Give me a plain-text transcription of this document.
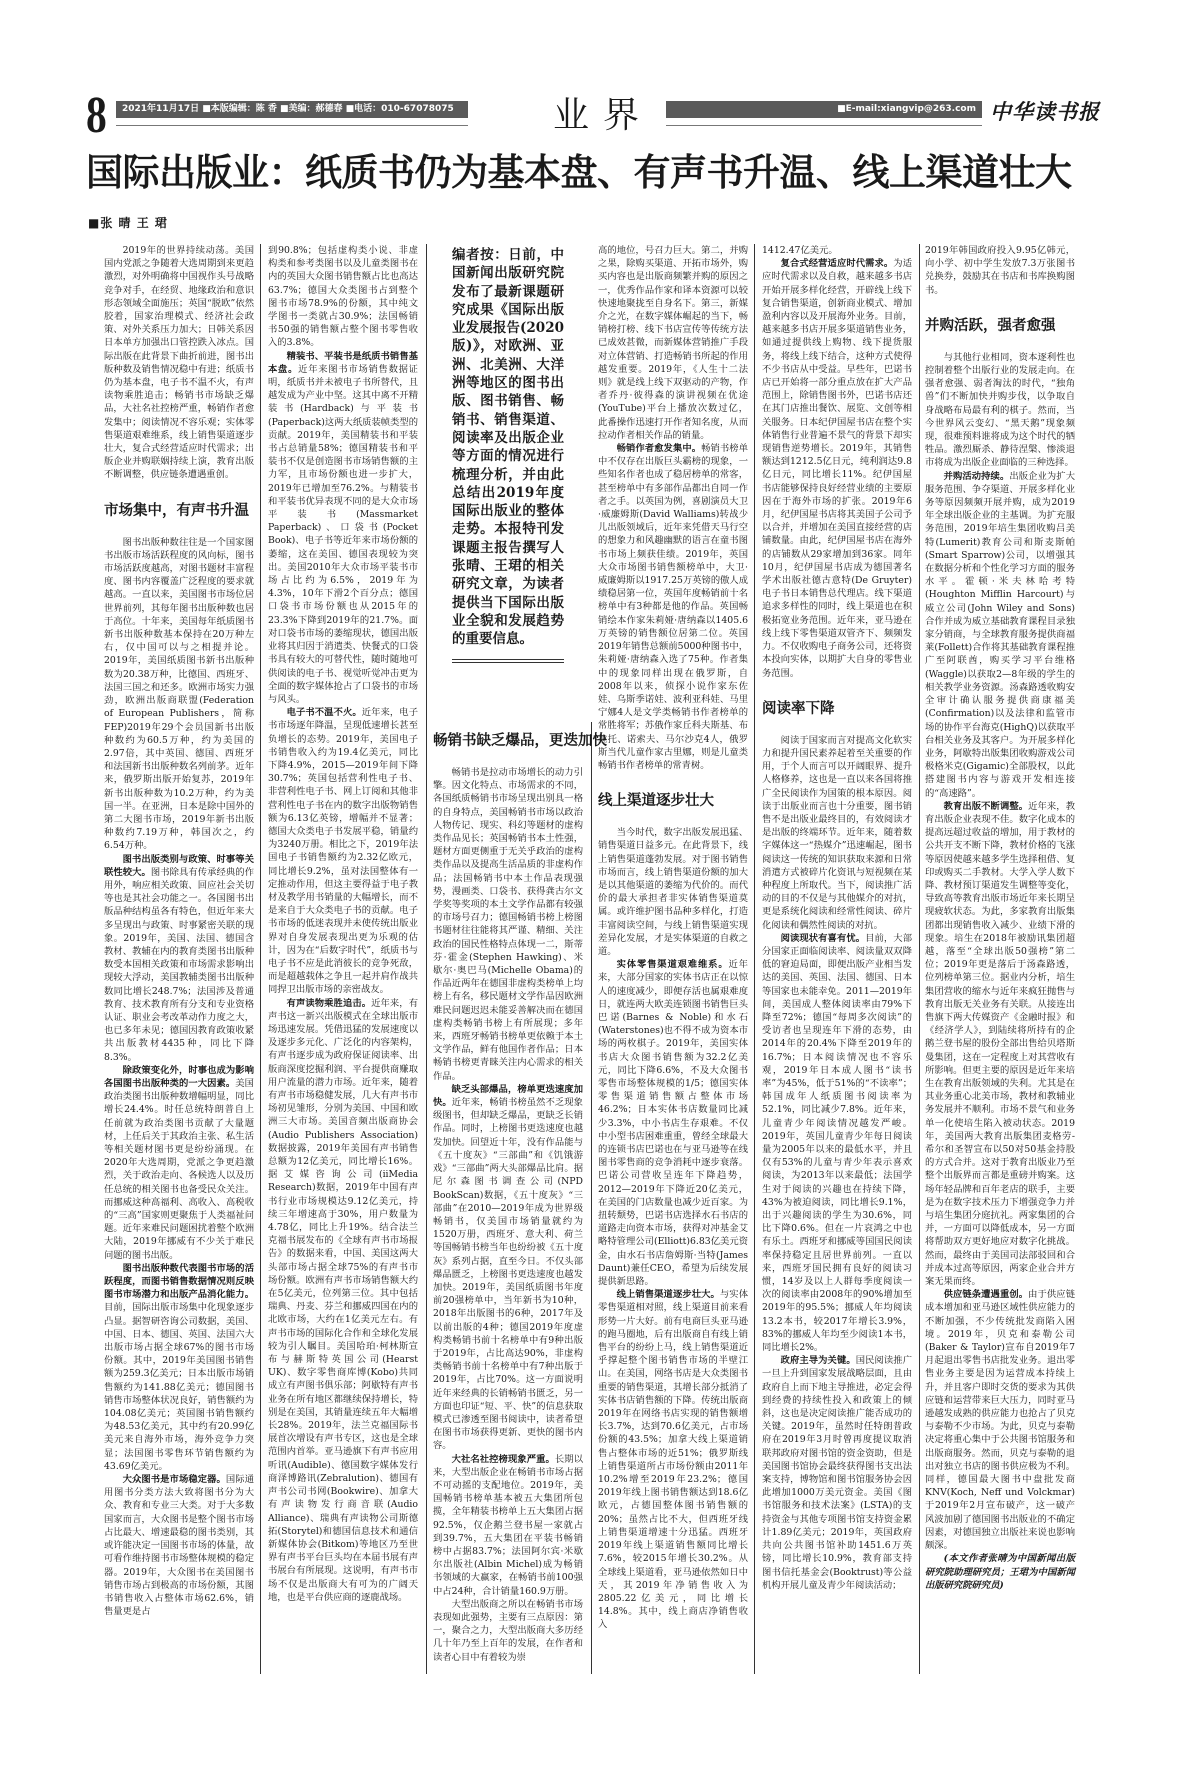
8	2021年11月17日 ■本版编辑：陈 香 ■美编：郝德春 ■电话：010-67078075	业界	■E-mail:xiangvip@263.com 中华读书报
国际出版业：纸质书仍为基本盘、有声书升温、线上渠道壮大
■张 晴 王 珺

2019年的世界持续动荡。美国国内党派之争随着大选周期到来更趋激烈，对外明确将中国视作头号战略竞争对手，在经贸、地缘政治和意识形态领域全面施压；英国“脱欧”依然胶着，国家治理模式、经济社会政策、对外关系压力加大；日韩关系因日本单方加强出口管控跌入冰点。国际出版在此背景下曲折前进，图书出版种数及销售情况稳中有进；纸质书仍为基本盘，电子书不温不火，有声读物乘胜追击；畅销书市场缺乏爆品，大社名社控榜严重，畅销作者愈发集中；阅读情况不容乐观；实体零售渠道艰难维系，线上销售渠道逐步壮大，复合式经营适应时代需求；出版企业并购联姻持续上演，教育出版不断调整，供应链条遭遇重创。

市场集中，有声书升温

图书出版种数往往是一个国家图书出版市场活跃程度的风向标，图书市场活跃度越高，对图书题材丰富程度、图书内容覆盖广泛程度的要求就越高。一直以来，美国图书市场位居世界前列，其每年图书出版种数也居于高位。十年来，美国每年纸质图书新书出版种数基本保持在20万种左右，仅中国可以与之相提并论。2019年，美国纸质图书新书出版种数为20.38万种，比德国、西班牙、法国三国之和还多。欧洲市场实力强劲，欧洲出版商联盟(Federation of European Publishers，简称FEP)2019年29个会员国新书出版种数约为60.5万种，约为美国的2.97倍，其中英国、德国、西班牙和法国新书出版种数名列前茅。近年来，俄罗斯出版开始复苏，2019年新书出版种数为10.2万种，约为美国一半。在亚洲，日本是除中国外的第二大图书市场，2019年新书出版种数约7.19万种，韩国次之，约6.54万种。

图书出版类别与政策、时事等关联性较大。图书除具有传承经典的作用外，响应相关政策、回应社会关切等也是其社会功能之一。各国图书出版品种结构虽各有特色，但近年来大多呈现出与政策、时事紧密关联的现象。2019年，美国、法国、德国含教材、教辅在内的教育类图书出版种数受本国相关政策和市场需求影响出现较大浮动，美国教辅类图书出版种数同比增长248.7%；法国涉及普通教育、技术教育所有分支和专业资格认证、职业会考改革动作力度之大，也已多年未见；德国因教育政策收紧共出版教材4435种，同比下降8.3%。

除政策变化外，时事也成为影响各国图书出版种类的一大因素。美国政治类图书出版种数增幅明显，同比增长24.4%。时任总统特朗普自上任前就为政治类图书贡献了大量题材，上任后关于其政治主张、私生活等相关题材图书更是纷纷涌现。在2020年大选周期，党派之争更趋激烈，关于政治走向、各候选人以及历任总统的相关图书也备受民众关注。而挪威这种高福利、高收入、高税收的“三高”国家则更聚焦于人类福祉问题。近年来难民问题困扰着整个欧洲大陆，2019年挪威有不少关于难民问题的图书出版。

图书出版种数代表图书市场的活跃程度，而图书销售数据情况则反映图书市场潜力和出版产品消化能力。目前，国际出版市场集中化现象逐步凸显。据智研咨询公司数据，美国、中国、日本、德国、英国、法国六大出版市场占据全球67%的图书市场份额。其中，2019年美国图书销售额为259.3亿美元；日本出版市场销售额约为141.88亿美元；德国图书销售市场整体状况良好，销售额约为104.08亿美元；英国图书销售额约为48.53亿美元，其中约有20.99亿美元来自海外市场，海外竞争力突显；法国图书零售环节销售额约为43.69亿美元。

大众图书是市场稳定器。国际通用图书分类方法大致将图书分为大众、教育和专业三大类。对于大多数国家而言，大众图书是整个图书市场占比最大、增速最稳的图书类别，其或许能决定一国图书市场的体量，故可看作维持图书市场整体规模的稳定器。2019年，大众图书在美国图书销售市场占到极高的市场份额，其图书销售收入占整体市场62.6%，销售量更是占

到90.8%；包括虚构类小说、非虚构类和参考类图书以及儿童类图书在内的英国大众图书销售额占比也高达63.7%；德国大众类图书占到整个图书市场78.9%的份额，其中纯文学图书一类就占30.9%；法国畅销书50强的销售额占整个图书零售收入的3.8%。

精装书、平装书是纸质书销售基本盘。近年来图书市场销售数据证明，纸质书并未被电子书所替代，且越发成为产业中坚。这其中离不开精装书(Hardback)与平装书(Paperback)这两大纸质装帧类型的贡献。2019年，美国精装书和平装书占总销量58%；德国精装书和平装书不仅是创造图书市场销售额的主力军，且市场份额也进一步扩大，2019年已增加至76.2%。与精装书和平装书优异表现不同的是大众市场平装书(Massmarket Paperback)、口袋书(Pocket Book)、电子书等近年来市场份额的萎缩，这在美国、德国表现较为突出。美国2010年大众市场平装书市场占比约为6.5%，2019年为4.3%，10年下滑2个百分点；德国口袋书市场份额也从2015年的23.3%下降到2019年的21.7%。面对口袋书市场的萎缩现状，德国出版业将其归因于消遣类、快餐式的口袋书具有较大的可替代性，随时随地可供阅读的电子书、视觉听觉冲击更为全面的数字媒体抢占了口袋书的市场与风头。

电子书不温不火。近年来，电子书市场逐年降温，呈现低速增长甚至负增长的态势。2019年，美国电子书销售收入约为19.4亿美元，同比下降4.9%，2015—2019年间下降30.7%；英国包括营利性电子书、非营利性电子书、网上订阅和其他非营利性电子书在内的数字出版物销售额为6.13亿英镑，增幅并不显著；德国大众类电子书发展平稳，销量约为3240万册。相比之下，2019年法国电子书销售额约为2.32亿欧元，同比增长9.2%，虽对法国整体有一定推动作用，但这主要得益于电子教材及教学用书销量的大幅增长，而不是来自于大众类电子书的贡献。电子书市场的低迷表现并未使传统出版业界对自身发展表现出更为乐观的估计，因为在“后数字时代”，纸质书与电子书不应是此消彼长的竞争死敌，而是超越载体之争且一起并肩作战共同捍卫出版市场的亲密战友。

有声读物乘胜追击。近年来，有声书这一新兴出版模式在全球出版市场迅速发展。凭借迅猛的发展速度以及逐步多元化、广泛化的内容架构，有声书逐步成为政府保证阅读率、出版商深度挖掘利润、平台提供商赚取用户流量的潜力市场。近年来，随着有声书市场稳健发展，几大有声书市场初见雏形，分别为美国、中国和欧洲三大市场。美国音频出版商协会(Audio Publishers Association)数据披露，2019年美国有声书销售总额为12亿美元，同比增长16%。据艾媒咨询公司(iiMedia Research)数据，2019年中国有声书行业市场规模达9.12亿美元，持续三年增速高于30%，用户数量为4.78亿，同比上升19%。结合法兰克福书展发布的《全球有声书市场报告》的数据来看，中国、美国这两大头部市场占据全球75%的有声书市场份额。欧洲有声书市场销售额大约在5亿美元，位列第三位。其中包括瑞典、丹麦、芬兰和挪威四国在内的北欧市场，大约在1亿美元左右。有声书市场的国际化合作和全球化发展较为引人瞩目。美国哈珀·柯林斯宣布与赫斯特英国公司(Hearst UK)、数字零售商库博(Kobo)共同成立有声图书俱乐部；阿歇特有声书业务在所有地区都继续保持增长，特别是在美国，其销量连续五年大幅增长28%。2019年，法兰克福国际书展首次增设有声书专区，这也是全球范围内首举。亚马逊旗下有声书应用听讯(Audible)、德国数字媒体发行商泽博路讯(Zebralution)、德国有声书公司书网(Bookwire)、加拿大有声读物发行商音联(Audio Alliance)、瑞典有声读物公司斯德拓(Storytel)和德国信息技术和通信新媒体协会(Bitkom)等地区乃至世界有声书平台巨头均在本届书展有声书展台有所展现。这说明，有声书市场不仅是出版商大有可为的广阔天地，也是平台供应商的逐鹿战场。

编者按：日前，中国新闻出版研究院发布了最新课题研究成果《国际出版业发展报告(2020版)》，对欧洲、亚洲、北美洲、大洋洲等地区的图书出版、图书销售、畅销书、销售渠道、阅读率及出版企业等方面的情况进行梳理分析，并由此总结出2019年度国际出版业的整体走势。本报特刊发课题主报告撰写人张晴、王珺的相关研究文章，为读者提供当下国际出版业全貌和发展趋势的重要信息。
畅销书缺乏爆品，更迭加快

畅销书是拉动市场增长的动力引擎。因文化特点、市场需求的不同，各国纸质畅销书市场呈现出别具一格的自身特点，美国畅销书市场以政治人物传记、现实、科幻等题材的虚构类作品见长；英国畅销书本土性强，题材方面更侧重于无关乎政治的虚构类作品以及提高生活品质的非虚构作品；法国畅销书中本土作品表现强势，漫画类、口袋书、获得龚古尔文学奖等奖项的本土文学作品都有较强的市场号召力；德国畅销书榜上榜图书题材往往能将其严谨、精细、关注政治的国民性格特点体现一二，斯蒂芬·霍金(Stephen Hawking)、米歇尔·奥巴马(Michelle Obama)的作品近两年在德国非虚构类榜单上均榜上有名，移民题材文学作品因欧洲难民问题迟迟未能妥善解决而在德国虚构类畅销书榜上有所展现；多年来，西班牙畅销书榜单更依赖于本土文学作品，鲜有他国作者作品；日本畅销书榜更青睐关注内心需求的相关作品。

缺乏头部爆品，榜单更迭速度加快。近年来，畅销书榜虽然不乏现象级图书，但却缺乏爆品，更缺乏长销作品。同时，上榜图书更迭速度也越发加快。回望近十年，没有作品能与《五十度灰》“三部曲”和《饥饿游戏》“三部曲”两大头部爆品比肩。据尼尔森图书调查公司(NPD BookScan)数据，《五十度灰》“三部曲”在2010—2019年成为世界级畅销书，仅美国市场销量就约为1520万册，西班牙、意大利、荷兰等国畅销书榜当年也纷纷被《五十度灰》系列占据，直至今日。不仅头部爆品匮乏，上榜图书更迭速度也越发加快。2019年，美国纸质图书年度前20强榜单中，当年新书为10种，2018年出版图书的6种，2017年及以前出版的4种；德国2019年度虚构类畅销书前十名榜单中有9种出版于2019年，占比高达90%，非虚构类畅销书前十名榜单中有7种出版于2019年，占比70%。这一方面说明近年来经典的长销畅销书匮乏，另一方面也印证“短、平、快”的信息获取模式已渗透至图书阅读中，读者希望在图书市场获得更新、更快的图书内容。

大社名社控榜现象严重。长期以来，大型出版企业在畅销书市场占据不可动摇的支配地位。2019年，美国畅销书榜单基本被五大集团所包揽，全年精装书榜单上五大集团占据92.5%，仅企鹅兰登书屋一家就占到39.7%，五大集团在平装书畅销榜中占据83.7%；法国阿尔宾·米歇尔出版社(Albin Michel)成为畅销书领域的大赢家，在畅销书前100强中占24种，合计销量160.9万册。

大型出版商之所以在畅销书市场表现如此强势，主要有三点原因：第一，聚合之力，大型出版商大多历经几十年乃至上百年的发展，在作者和读者心目中有着较为崇

高的地位，号召力巨大。第二，并购之果，除购买渠道、开拓市场外，购买内容也是出版商频繁并购的原因之一，优秀作品作家和译本资源可以较快速地聚拢至自身名下。第三，新媒介之光，在数字媒体崛起的当下，畅销榜打榜、线下书店宣传等传统方法已成效甚微，而新媒体营销推广手段对立体营销、打造畅销书所起的作用越发重要。2019年，《人生十二法则》就是线上线下双驱动的产物，作者乔丹·彼得森的演讲视频在优途(YouTube)平台上播放次数过亿，此番操作迅速打开作者知名度，从而拉动作者相关作品的销量。

畅销作者愈发集中。畅销书榜单中不仅存在出版巨头霸榜的现象，一些知名作者也成了稳居榜单的常客，甚至榜单中有多部作品都出自同一作者之手。以英国为例，喜剧演员大卫·威廉姆斯(David Walliams)转战少儿出版领域后，近年来凭借天马行空的想象力和风趣幽默的语言在童书图书市场上频获佳绩。2019年，英国大众市场图书销售额榜单中，大卫·威廉姆斯以1917.25万英镑的傲人成绩稳居第一位，英国年度畅销前十名榜单中有3种都是他的作品。英国畅销绘本作家朱莉娅·唐纳森以1405.6万英镑的销售额位居第二位。英国2019年销售总额前5000种图书中，朱莉娅·唐纳森入选了75种。作者集中的现象同样出现在俄罗斯，自2008年以来，侦探小说作家东佐娃、乌斯季诺娃、波利亚科娃、马里宁娜4人是文学类畅销书作者榜单的常胜将军；苏俄作家丘科夫斯基、布拉托、诺索夫、马尔沙克4人，俄罗斯当代儿童作家古里娜，则是儿童类畅销书作者榜单的常青树。

线上渠道逐步壮大

当今时代，数字出版发展迅猛、销售渠道日益多元。在此背景下，线上销售渠道蓬勃发展。对于图书销售市场而言，线上销售渠道份额的加大是以其他渠道的萎缩为代价的。而代价的最大承担者非实体销售渠道莫属。或许维护图书品种多样化，打造丰富阅读空间，与线上销售渠道实现差异化发展，才是实体渠道的自救之道。

实体零售渠道艰难维系。近年来，大部分国家的实体书店正在以惊人的速度减少，即便存活也属艰难度日，就连两大欧美连锁图书销售巨头巴诺(Barnes & Noble)和水石(Waterstones)也不得不成为资本市场的两枚棋子。2019年，美国实体书店大众图书销售额为32.2亿美元，同比下降6.6%，不及大众图书零售市场整体规模的1/5；德国实体零售渠道销售额占整体市场46.2%；日本实体书店数量同比减少3.3%，中小书店生存艰难。不仅中小型书店困难重重，曾经全球最大的连锁书店巴诺也在与亚马逊等在线图书零售商的竞争消耗中逐步衰落。巴诺公司营收呈连年下降趋势，2012—2019年下降近20亿美元，在美国的门店数量也减少近百家。为扭转颓势，巴诺书店选择水石书店的道路走向资本市场，获得对冲基金艾略特管理公司(Elliott)6.83亿美元资金，由水石书店詹姆斯·当特(James Daunt)兼任CEO，希望为后续发展提供新思路。

线上销售渠道逐步壮大。与实体零售渠道相对照，线上渠道目前来看形势一片大好。前有电商巨头亚马逊的跑马圈地，后有出版商自有线上销售平台的纷纷上马，线上销售渠道近乎撑起整个图书销售市场的半壁江山。在美国，网络书店是大众类图书重要的销售渠道，其增长部分抵消了实体书店销售额的下降。传统出版商2019年在网络书店实现的销售额增长3.7%，达到70.6亿美元，占市场份额的43.5%；加拿大线上渠道销售占整体市场的近51%；俄罗斯线上销售渠道所占市场份额由2011年10.2%增至2019年23.2%；德国2019年线上图书销售额达到18.6亿欧元，占德国整体图书销售额的20%；虽然占比不大，但西班牙线上销售渠道增速十分迅猛。西班牙2019年线上渠道销售额同比增长7.6%，较2015年增长30.2%。从全球线上渠道看，亚马逊依然如日中天，其2019年净销售收入为2805.22亿美元，同比增长14.8%。其中，线上商店净销售收入

1412.47亿美元。

复合式经营适应时代需求。为适应时代需求以及自救，越来越多书店开始开展多样化经营，开辟线上线下复合销售渠道，创新商业模式、增加盈利内容以及开展海外业务。目前，越来越多书店开展多渠道销售业务，如通过提供线上购物、线下提货服务，将线上线下结合，这种方式使得不少书店从中受益。早些年，巴诺书店已开始将一部分重点放在扩大产品范围上，除销售图书外，巴诺书店还在其门店推出餐饮、展览、文创等相关服务。日本纪伊国屋书店在整个实体销售行业普遍不景气的背景下却实现销售逆势增长。2019年，其销售额达到1212.5亿日元，纯利润达9.8亿日元，同比增长11%。纪伊国屋书店能够保持良好经营业绩的主要原因在于海外市场的扩张。2019年6月，纪伊国屋书店将其美国子公司予以合并，并增加在美国直接经营的店铺数量。由此，纪伊国屋书店在海外的店铺数从29家增加到36家。同年10月，纪伊国屋书店成为德国著名学术出版社德古意特(De Gruyter)电子书日本销售总代理店。线下渠道追求多样性的同时，线上渠道也在积极拓宽业务范围。近年来，亚马逊在线上线下零售渠道双管齐下、频频发力。不仅收购电子商务公司，还将资本投向实体，以期扩大自身的零售业务范围。

阅读率下降

阅读于国家而言对提高文化软实力和提升国民素养起着至关重要的作用，于个人而言可以开阔眼界、提升人格修养，这也是一直以来各国将推广全民阅读作为国策的根本原因。阅读于出版业而言也十分重要，图书销售不是出版业最终目的，有效阅读才是出版的终端环节。近年来，随着数字媒体这一“热媒介”迅速崛起，图书阅读这一传统的知识获取来源和日常消遣方式被碎片化资讯与短视频在某种程度上所取代。当下，阅读推广活动的目的不仅是与其他媒介的对抗，更是系统化阅读和经常性阅读、碎片化阅读和偶然性阅读的对抗。

阅读现状有喜有忧。目前，大部分国家正面临阅读率、阅读量双双降低的窘迫局面，即便出版产业相当发达的美国、英国、法国、德国、日本等国家也未能幸免。2011—2019年间，美国成人整体阅读率由79%下降至72%；德国“每周多次阅读”的受访者也呈现连年下滑的态势，由2014年的20.4%下降至2019年的16.7%；日本阅读情况也不容乐观，2019年日本成人图书“读书率”为45%，低于51%的“不读率”；韩国成年人纸质图书阅读率为52.1%，同比减少7.8%。近年来，儿童青少年阅读情况越发严峻。2019年，英国儿童青少年每日阅读量为2005年以来的最低水平，并且仅有53%的儿童与青少年表示喜欢阅读，为2013年以来最低；法国学生对于阅读的兴趣也在持续下降，43%为被迫阅读，同比增长9.1%，出于兴趣阅读的学生为30.6%，同比下降0.6%。但在一片哀鸿之中也有乐土。西班牙和挪威等国国民阅读率保持稳定且居世界前列。一直以来，西班牙国民拥有良好的阅读习惯，14岁及以上人群每季度阅读一次的阅读率由2008年的90%增加至2019年的95.5%；挪威人年均阅读13.2本书，较2017年增长3.9%，83%的挪威人年均至少阅读1本书，同比增长2%。

政府主导为关键。国民阅读推广一旦上升到国家发展战略层面，且由政府自上而下地主导推进，必定会得到经费的持续性投入和政策上的倾斜，这也是决定阅读推广能否成功的关键。2019年，虽然时任特朗普政府在2019年3月时曾再度提议取消联邦政府对图书馆的资金资助，但是美国图书馆协会最终获得图书支出法案支持，博物馆和图书馆服务协会因此增加1000万美元资金。美国《图书馆服务和技术法案》(LSTA)的支持资金与其他专项图书馆支持资金累计1.89亿美元；2019年，英国政府共向公共图书馆补助1451.6万英镑，同比增长10.9%，教育部支持图书信托基金会(Booktrust)等公益机构开展儿童及青少年阅读活动；

2019年韩国政府投入9.95亿韩元，向小学、初中学生发放7.3万张图书兑换券，鼓励其在书店和书库换购图书。

并购活跃，强者愈强

与其他行业相同，资本逐利性也控制着整个出版行业的发展走向。在强者愈强、弱者淘汰的时代，“独角兽”们不断加快并购步伐，以争取自身战略布局最有利的棋子。然而，当今世界风云变幻、“黑天鹅”现象频现，很难预料谁将成为这个时代的牺牲品。激烈厮杀、静待涅槃、惨淡退市将成为出版企业面临的三种选择。

并购活动持续。出版企业为扩大服务范围、争夺渠道、开展多样化业务等原因频频开展并购，成为2019年全球出版企业的主基调。为扩充服务范围，2019年培生集团收购吕美特(Lumerit)教育公司和斯麦斯帕(Smart Sparrow)公司，以增强其在数据分析和个性化学习方面的服务水平。霍顿·米夫林哈考特(Houghton Mifflin Harcourt)与威立公司(John Wiley and Sons)合作并成为威立基础教育课程目录独家分销商，与全球教育服务提供商福莱(Follett)合作将其基础教育课程推广至阿联酋，购买学习平台维格(Waggle)以获取2—8年级的学生的相关教学业务资源。汤森路透收购安全审计确认服务提供商康福美(Confirmation)以及法律和监管市场的协作平台海克(HighQ)以获取平台相关业务及其客户。为开展多样化业务，阿歇特出版集团收购游戏公司极格米克(Gigamic)全部股权，以此搭建图书内容与游戏开发相连接的“高速路”。

教育出版不断调整。近年来，教育出版企业表现不佳。数字化成本的提高远超过收益的增加，用于教材的公共开支不断下降，教材价格的飞涨等原因使越来越多学生选择租借、复印或购买二手教材。大学入学人数下降、教材预订渠道发生调整等变化，导致高等教育出版市场近年来长期呈现疲软状态。为此，多家教育出版集团都出现销售收入减少、业绩下滑的现象。培生在2018年被励讯集团超越，落至“全球出版50强榜”第二位；2019年更是落后于汤森路透，位列榜单第三位。据业内分析，培生集团营收的缩水与近年来疯狂抛售与教育出版无关业务有关联。从接连出售旗下两大传媒资产《金融时报》和《经济学人》，到陆续将所持有的企鹅兰登书屋的股份全部出售给贝塔斯曼集团，这在一定程度上对其营收有所影响。但更主要的原因是近年来培生在教育出版领域的失利。尤其是在其业务重心北美市场，教材和教辅业务发展并不顺利。市场不景气和业务单一化使培生陷入被动状态。2019年，美国两大教育出版集团麦格劳-希尔和圣智宣布以50对50基金持股的方式合并。这对于教育出版业乃至整个出版界而言都是重磅并购案。这场年轻品牌和百年老店的联手，主要是为在数字技术压力下增强竞争力并与培生集团分庭抗礼。两家集团的合并，一方面可以降低成本，另一方面将帮助双方更好地应对数字化挑战。然而，最终由于美国司法部驳回和合并成本过高等原因，两家企业合并方案无果而终。

供应链条遭遇重创。由于供应链成本增加和亚马逊区域性供应能力的不断加强，不少传统批发商陷入困境。2019年，贝克和泰勒公司(Baker & Taylor)宣布自2019年7月起退出零售书店批发业务。退出零售业务主要是因为运营成本持续上升，并且客户即时交货的要求为其供应链和运营带来巨大压力，同时亚马逊越发成熟的供应能力也抢占了贝克与泰勒不少市场。为此，贝克与泰勒决定将重心集中于公共图书馆服务和出版商服务。然而，贝克与泰勒的退出对独立书店的图书供应极为不利。同样，德国最大图书中盘批发商KNV(Koch, Neff und Volckmar)于2019年2月宣布破产，这一破产风波加剧了德国图书出版业的不确定因素，对德国独立出版社来说也影响颇深。

(本文作者张晴为中国新闻出版研究院助理研究员；王珺为中国新闻出版研究院研究员)
